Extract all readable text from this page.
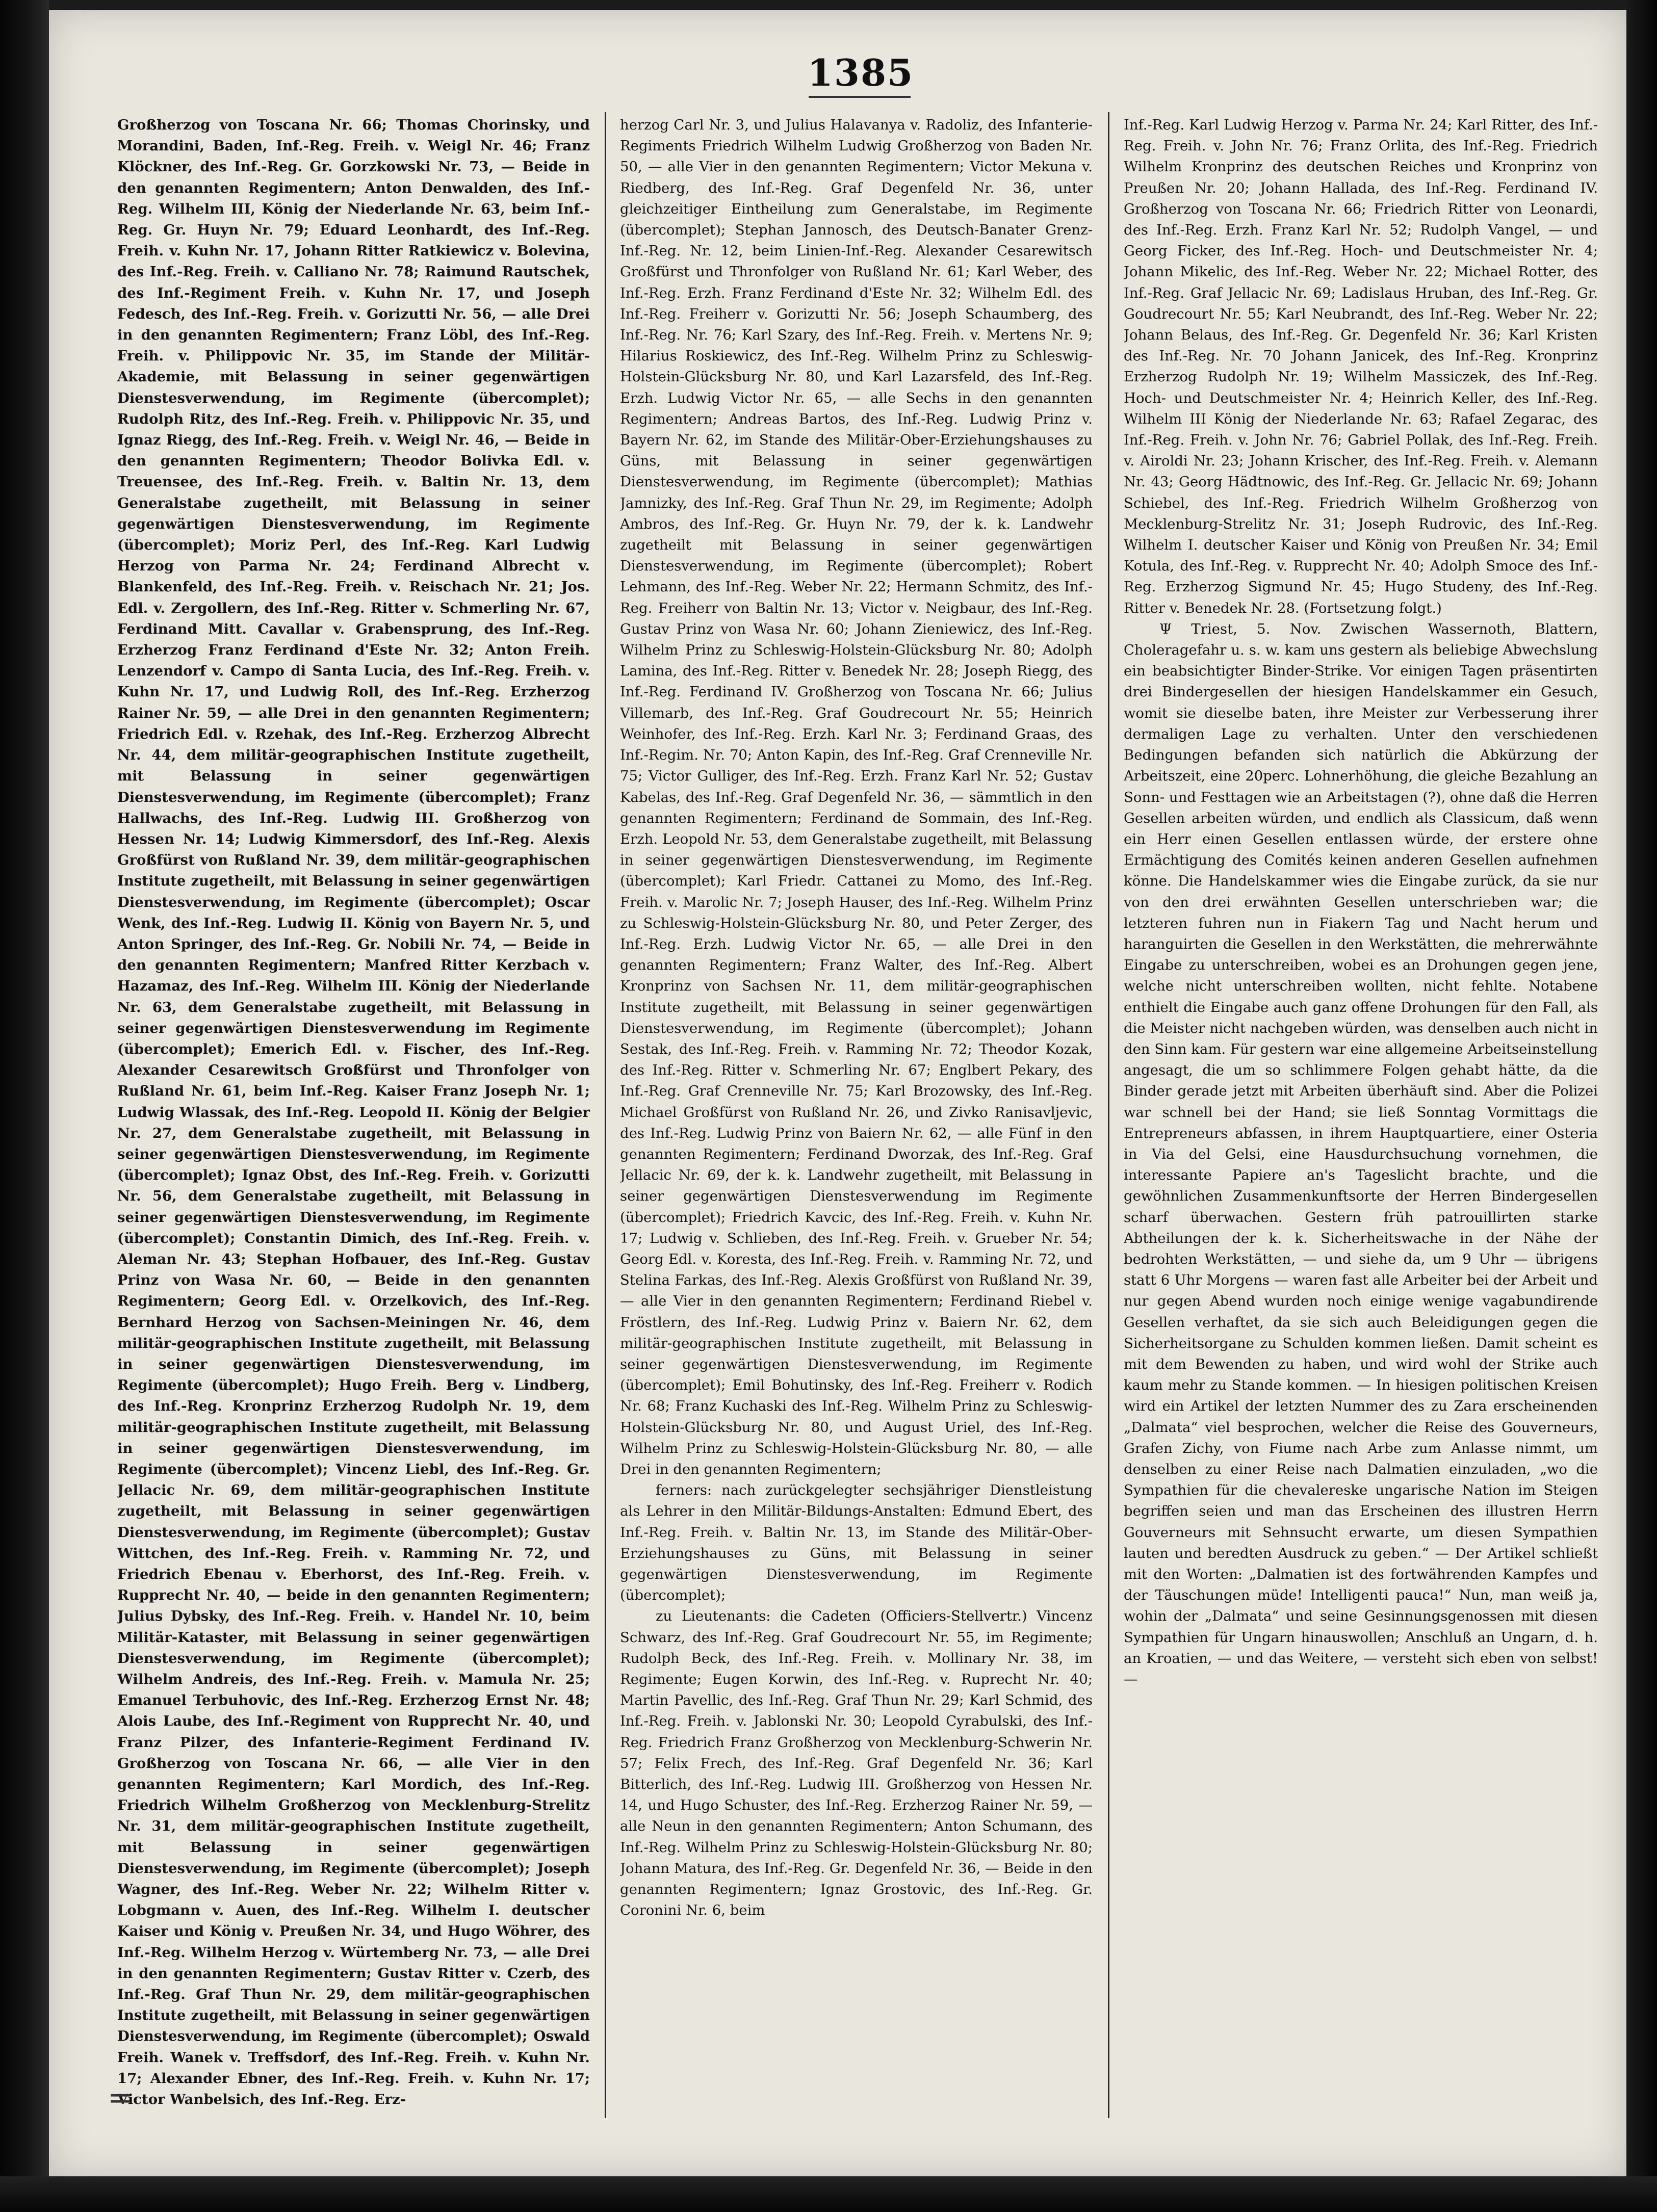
1385

Großherzog von Toscana Nr. 66; Thomas Chorinsky, und Morandini, Baden, Inf.-Reg. Freih. v. Weigl Nr. 46; Franz Klöckner, des Inf.-Reg. Gr. Gorzkowski Nr. 73, — Beide in den genannten Regimentern; Anton Denwalden, des Inf.-Reg. Wilhelm III, König der Niederlande Nr. 63, beim Inf.-Reg. Gr. Huyn Nr. 79; Eduard Leonhardt, des Inf.-Reg. Freih. v. Kuhn Nr. 17, Johann Ritter Ratkiewicz v. Bolevina, des Inf.-Reg. Freih. v. Calliano Nr. 78; Raimund Rautschek, des Inf.-Regiment Freih. v. Kuhn Nr. 17, und Joseph Fedesch, des Inf.-Reg. Freih. v. Gorizutti Nr. 56, — alle Drei in den genannten Regimentern; Franz Löbl, des Inf.-Reg. Freih. v. Philippovic Nr. 35, im Stande der Militär-Akademie, mit Belassung in seiner gegenwärtigen Dienstesverwendung, im Regimente (übercomplet); Rudolph Ritz, des Inf.-Reg. Freih. v. Philippovic Nr. 35, und Ignaz Riegg, des Inf.-Reg. Freih. v. Weigl Nr. 46, — Beide in den genannten Regimentern; Theodor Bolivka Edl. v. Treuensee, des Inf.-Reg. Freih. v. Baltin Nr. 13, dem Generalstabe zugetheilt, mit Belassung in seiner gegenwärtigen Dienstesverwendung, im Regimente (übercomplet); Moriz Perl, des Inf.-Reg. Karl Ludwig Herzog von Parma Nr. 24; Ferdinand Albrecht v. Blankenfeld, des Inf.-Reg. Freih. v. Reischach Nr. 21; Jos. Edl. v. Zergollern, des Inf.-Reg. Ritter v. Schmerling Nr. 67, Ferdinand Mitt. Cavallar v. Grabensprung, des Inf.-Reg. Erzherzog Franz Ferdinand d'Este Nr. 32; Anton Freih. Lenzendorf v. Campo di Santa Lucia, des Inf.-Reg. Freih. v. Kuhn Nr. 17, und Ludwig Roll, des Inf.-Reg. Erzherzog Rainer Nr. 59, — alle Drei in den genannten Regimentern; Friedrich Edl. v. Rzehak, des Inf.-Reg. Erzherzog Albrecht Nr. 44, dem militär-geographischen Institute zugetheilt, mit Belassung in seiner gegenwärtigen Dienstesverwendung, im Regimente (übercomplet); Franz Hallwachs, des Inf.-Reg. Ludwig III. Großherzog von Hessen Nr. 14; Ludwig Kimmersdorf, des Inf.-Reg. Alexis Großfürst von Rußland Nr. 39, dem militär-geographischen Institute zugetheilt, mit Belassung in seiner gegenwärtigen Dienstesverwendung, im Regimente (übercomplet); Oscar Wenk, des Inf.-Reg. Ludwig II. König von Bayern Nr. 5, und Anton Springer, des Inf.-Reg. Gr. Nobili Nr. 74, — Beide in den genannten Regimentern; Manfred Ritter Kerzbach v. Hazamaz, des Inf.-Reg. Wilhelm III. König der Niederlande Nr. 63, dem Generalstabe zugetheilt, mit Belassung in seiner gegenwärtigen Dienstesverwendung im Regimente (übercomplet); Emerich Edl. v. Fischer, des Inf.-Reg. Alexander Cesarewitsch Großfürst und Thronfolger von Rußland Nr. 61, beim Inf.-Reg. Kaiser Franz Joseph Nr. 1; Ludwig Wlassak, des Inf.-Reg. Leopold II. König der Belgier Nr. 27, dem Generalstabe zugetheilt, mit Belassung in seiner gegenwärtigen Dienstesverwendung, im Regimente (übercomplet); Ignaz Obst, des Inf.-Reg. Freih. v. Gorizutti Nr. 56, dem Generalstabe zugetheilt, mit Belassung in seiner gegenwärtigen Dienstesverwendung, im Regimente (übercomplet); Constantin Dimich, des Inf.-Reg. Freih. v. Aleman Nr. 43; Stephan Hofbauer, des Inf.-Reg. Gustav Prinz von Wasa Nr. 60, — Beide in den genannten Regimentern; Georg Edl. v. Orzelkovich, des Inf.-Reg. Bernhard Herzog von Sachsen-Meiningen Nr. 46, dem militär-geographischen Institute zugetheilt, mit Belassung in seiner gegenwärtigen Dienstesverwendung, im Regimente (übercomplet); Hugo Freih. Berg v. Lindberg, des Inf.-Reg. Kronprinz Erzherzog Rudolph Nr. 19, dem militär-geographischen Institute zugetheilt, mit Belassung in seiner gegenwärtigen Dienstesverwendung, im Regimente (übercomplet); Vincenz Liebl, des Inf.-Reg. Gr. Jellacic Nr. 69, dem militär-geographischen Institute zugetheilt, mit Belassung in seiner gegenwärtigen Dienstesverwendung, im Regimente (übercomplet); Gustav Wittchen, des Inf.-Reg. Freih. v. Ramming Nr. 72, und Friedrich Ebenau v. Eberhorst, des Inf.-Reg. Freih. v. Rupprecht Nr. 40, — beide in den genannten Regimentern; Julius Dybsky, des Inf.-Reg. Freih. v. Handel Nr. 10, beim Militär-Kataster, mit Belassung in seiner gegenwärtigen Dienstesverwendung, im Regimente (übercomplet); Wilhelm Andreis, des Inf.-Reg. Freih. v. Mamula Nr. 25; Emanuel Terbuhovic, des Inf.-Reg. Erzherzog Ernst Nr. 48; Alois Laube, des Inf.-Regiment von Rupprecht Nr. 40, und Franz Pilzer, des Infanterie-Regiment Ferdinand IV. Großherzog von Toscana Nr. 66, — alle Vier in den genannten Regimentern; Karl Mordich, des Inf.-Reg. Friedrich Wilhelm Großherzog von Mecklenburg-Strelitz Nr. 31, dem militär-geographischen Institute zugetheilt, mit Belassung in seiner gegenwärtigen Dienstesverwendung, im Regimente (übercomplet); Joseph Wagner, des Inf.-Reg. Weber Nr. 22; Wilhelm Ritter v. Lobgmann v. Auen, des Inf.-Reg. Wilhelm I. deutscher Kaiser und König v. Preußen Nr. 34, und Hugo Wöhrer, des Inf.-Reg. Wilhelm Herzog v. Würtemberg Nr. 73, — alle Drei in den genannten Regimentern; Gustav Ritter v. Czerb, des Inf.-Reg. Graf Thun Nr. 29, dem militär-geographischen Institute zugetheilt, mit Belassung in seiner gegenwärtigen Dienstesverwendung, im Regimente (übercomplet); Oswald Freih. Wanek v. Treffsdorf, des Inf.-Reg. Freih. v. Kuhn Nr. 17; Alexander Ebner, des Inf.-Reg. Freih. v. Kuhn Nr. 17; Victor Wanbelsich, des Inf.-Reg. Erz-

herzog Carl Nr. 3, und Julius Halavanya v. Radoliz, des Infanterie-Regiments Friedrich Wilhelm Ludwig Großherzog von Baden Nr. 50, — alle Vier in den genannten Regimentern; Victor Mekuna v. Riedberg, des Inf.-Reg. Graf Degenfeld Nr. 36, unter gleichzeitiger Eintheilung zum Generalstabe, im Regimente (übercomplet); Stephan Jannosch, des Deutsch-Banater Grenz-Inf.-Reg. Nr. 12, beim Linien-Inf.-Reg. Alexander Cesarewitsch Großfürst und Thronfolger von Rußland Nr. 61; Karl Weber, des Inf.-Reg. Erzh. Franz Ferdinand d'Este Nr. 32; Wilhelm Edl. des Inf.-Reg. Freiherr v. Gorizutti Nr. 56; Joseph Schaumberg, des Inf.-Reg. Nr. 76; Karl Szary, des Inf.-Reg. Freih. v. Mertens Nr. 9; Hilarius Roskiewicz, des Inf.-Reg. Wilhelm Prinz zu Schleswig-Holstein-Glücksburg Nr. 80, und Karl Lazarsfeld, des Inf.-Reg. Erzh. Ludwig Victor Nr. 65, — alle Sechs in den genannten Regimentern; Andreas Bartos, des Inf.-Reg. Ludwig Prinz v. Bayern Nr. 62, im Stande des Militär-Ober-Erziehungshauses zu Güns, mit Belassung in seiner gegenwärtigen Dienstesverwendung, im Regimente (übercomplet); Mathias Jamnizky, des Inf.-Reg. Graf Thun Nr. 29, im Regimente; Adolph Ambros, des Inf.-Reg. Gr. Huyn Nr. 79, der k. k. Landwehr zugetheilt mit Belassung in seiner gegenwärtigen Dienstesverwendung, im Regimente (übercomplet); Robert Lehmann, des Inf.-Reg. Weber Nr. 22; Hermann Schmitz, des Inf.-Reg. Freiherr von Baltin Nr. 13; Victor v. Neigbaur, des Inf.-Reg. Gustav Prinz von Wasa Nr. 60; Johann Zieniewicz, des Inf.-Reg. Wilhelm Prinz zu Schleswig-Holstein-Glücksburg Nr. 80; Adolph Lamina, des Inf.-Reg. Ritter v. Benedek Nr. 28; Joseph Riegg, des Inf.-Reg. Ferdinand IV. Großherzog von Toscana Nr. 66; Julius Villemarb, des Inf.-Reg. Graf Goudrecourt Nr. 55; Heinrich Weinhofer, des Inf.-Reg. Erzh. Karl Nr. 3; Ferdinand Graas, des Inf.-Regim. Nr. 70; Anton Kapin, des Inf.-Reg. Graf Crenneville Nr. 75; Victor Gulliger, des Inf.-Reg. Erzh. Franz Karl Nr. 52; Gustav Kabelas, des Inf.-Reg. Graf Degenfeld Nr. 36, — sämmtlich in den genannten Regimentern; Ferdinand de Sommain, des Inf.-Reg. Erzh. Leopold Nr. 53, dem Generalstabe zugetheilt, mit Belassung in seiner gegenwärtigen Dienstesverwendung, im Regimente (übercomplet); Karl Friedr. Cattanei zu Momo, des Inf.-Reg. Freih. v. Marolic Nr. 7; Joseph Hauser, des Inf.-Reg. Wilhelm Prinz zu Schleswig-Holstein-Glücksburg Nr. 80, und Peter Zerger, des Inf.-Reg. Erzh. Ludwig Victor Nr. 65, — alle Drei in den genannten Regimentern; Franz Walter, des Inf.-Reg. Albert Kronprinz von Sachsen Nr. 11, dem militär-geographischen Institute zugetheilt, mit Belassung in seiner gegenwärtigen Dienstesverwendung, im Regimente (übercomplet); Johann Sestak, des Inf.-Reg. Freih. v. Ramming Nr. 72; Theodor Kozak, des Inf.-Reg. Ritter v. Schmerling Nr. 67; Englbert Pekary, des Inf.-Reg. Graf Crenneville Nr. 75; Karl Brozowsky, des Inf.-Reg. Michael Großfürst von Rußland Nr. 26, und Zivko Ranisavljevic, des Inf.-Reg. Ludwig Prinz von Baiern Nr. 62, — alle Fünf in den genannten Regimentern; Ferdinand Dworzak, des Inf.-Reg. Graf Jellacic Nr. 69, der k. k. Landwehr zugetheilt, mit Belassung in seiner gegenwärtigen Dienstesverwendung im Regimente (übercomplet); Friedrich Kavcic, des Inf.-Reg. Freih. v. Kuhn Nr. 17; Ludwig v. Schlieben, des Inf.-Reg. Freih. v. Grueber Nr. 54; Georg Edl. v. Koresta, des Inf.-Reg. Freih. v. Ramming Nr. 72, und Stelina Farkas, des Inf.-Reg. Alexis Großfürst von Rußland Nr. 39, — alle Vier in den genannten Regimentern; Ferdinand Riebel v. Fröstlern, des Inf.-Reg. Ludwig Prinz v. Baiern Nr. 62, dem militär-geographischen Institute zugetheilt, mit Belassung in seiner gegenwärtigen Dienstesverwendung, im Regimente (übercomplet); Emil Bohutinsky, des Inf.-Reg. Freiherr v. Rodich Nr. 68; Franz Kuchaski des Inf.-Reg. Wilhelm Prinz zu Schleswig-Holstein-Glücksburg Nr. 80, und August Uriel, des Inf.-Reg. Wilhelm Prinz zu Schleswig-Holstein-Glücksburg Nr. 80, — alle Drei in den genannten Regimentern;

ferners: nach zurückgelegter sechsjähriger Dienstleistung als Lehrer in den Militär-Bildungs-Anstalten: Edmund Ebert, des Inf.-Reg. Freih. v. Baltin Nr. 13, im Stande des Militär-Ober-Erziehungshauses zu Güns, mit Belassung in seiner gegenwärtigen Dienstesverwendung, im Regimente (übercomplet);

zu Lieutenants: die Cadeten (Officiers-Stellvertr.) Vincenz Schwarz, des Inf.-Reg. Graf Goudrecourt Nr. 55, im Regimente; Rudolph Beck, des Inf.-Reg. Freih. v. Mollinary Nr. 38, im Regimente; Eugen Korwin, des Inf.-Reg. v. Ruprecht Nr. 40; Martin Pavellic, des Inf.-Reg. Graf Thun Nr. 29; Karl Schmid, des Inf.-Reg. Freih. v. Jablonski Nr. 30; Leopold Cyrabulski, des Inf.-Reg. Friedrich Franz Großherzog von Mecklenburg-Schwerin Nr. 57; Felix Frech, des Inf.-Reg. Graf Degenfeld Nr. 36; Karl Bitterlich, des Inf.-Reg. Ludwig III. Großherzog von Hessen Nr. 14, und Hugo Schuster, des Inf.-Reg. Erzherzog Rainer Nr. 59, — alle Neun in den genannten Regimentern; Anton Schumann, des Inf.-Reg. Wilhelm Prinz zu Schleswig-Holstein-Glücksburg Nr. 80; Johann Matura, des Inf.-Reg. Gr. Degenfeld Nr. 36, — Beide in den genannten Regimentern; Ignaz Grostovic, des Inf.-Reg. Gr. Coronini Nr. 6, beim

Inf.-Reg. Karl Ludwig Herzog v. Parma Nr. 24; Karl Ritter, des Inf.-Reg. Freih. v. John Nr. 76; Franz Orlita, des Inf.-Reg. Friedrich Wilhelm Kronprinz des deutschen Reiches und Kronprinz von Preußen Nr. 20; Johann Hallada, des Inf.-Reg. Ferdinand IV. Großherzog von Toscana Nr. 66; Friedrich Ritter von Leonardi, des Inf.-Reg. Erzh. Franz Karl Nr. 52; Rudolph Vangel, — und Georg Ficker, des Inf.-Reg. Hoch- und Deutschmeister Nr. 4; Johann Mikelic, des Inf.-Reg. Weber Nr. 22; Michael Rotter, des Inf.-Reg. Graf Jellacic Nr. 69; Ladislaus Hruban, des Inf.-Reg. Gr. Goudrecourt Nr. 55; Karl Neubrandt, des Inf.-Reg. Weber Nr. 22; Johann Belaus, des Inf.-Reg. Gr. Degenfeld Nr. 36; Karl Kristen des Inf.-Reg. Nr. 70 Johann Janicek, des Inf.-Reg. Kronprinz Erzherzog Rudolph Nr. 19; Wilhelm Massiczek, des Inf.-Reg. Hoch- und Deutschmeister Nr. 4; Heinrich Keller, des Inf.-Reg. Wilhelm III König der Niederlande Nr. 63; Rafael Zegarac, des Inf.-Reg. Freih. v. John Nr. 76; Gabriel Pollak, des Inf.-Reg. Freih. v. Airoldi Nr. 23; Johann Krischer, des Inf.-Reg. Freih. v. Alemann Nr. 43; Georg Hädtnowic, des Inf.-Reg. Gr. Jellacic Nr. 69; Johann Schiebel, des Inf.-Reg. Friedrich Wilhelm Großherzog von Mecklenburg-Strelitz Nr. 31; Joseph Rudrovic, des Inf.-Reg. Wilhelm I. deutscher Kaiser und König von Preußen Nr. 34; Emil Kotula, des Inf.-Reg. v. Rupprecht Nr. 40; Adolph Smoce des Inf.-Reg. Erzherzog Sigmund Nr. 45; Hugo Studeny, des Inf.-Reg. Ritter v. Benedek Nr. 28. (Fortsetzung folgt.)

Ψ Triest, 5. Nov. Zwischen Wassernoth, Blattern, Choleragefahr u. s. w. kam uns gestern als beliebige Abwechslung ein beabsichtigter Binder-Strike. Vor einigen Tagen präsentirten drei Bindergesellen der hiesigen Handelskammer ein Gesuch, womit sie dieselbe baten, ihre Meister zur Verbesserung ihrer dermaligen Lage zu verhalten. Unter den verschiedenen Bedingungen befanden sich natürlich die Abkürzung der Arbeitszeit, eine 20perc. Lohnerhöhung, die gleiche Bezahlung an Sonn- und Festtagen wie an Arbeitstagen (?), ohne daß die Herren Gesellen arbeiten würden, und endlich als Classicum, daß wenn ein Herr einen Gesellen entlassen würde, der erstere ohne Ermächtigung des Comités keinen anderen Gesellen aufnehmen könne. Die Handelskammer wies die Eingabe zurück, da sie nur von den drei erwähnten Gesellen unterschrieben war; die letzteren fuhren nun in Fiakern Tag und Nacht herum und haranguirten die Gesellen in den Werkstätten, die mehrerwähnte Eingabe zu unterschreiben, wobei es an Drohungen gegen jene, welche nicht unterschreiben wollten, nicht fehlte. Notabene enthielt die Eingabe auch ganz offene Drohungen für den Fall, als die Meister nicht nachgeben würden, was denselben auch nicht in den Sinn kam. Für gestern war eine allgemeine Arbeitseinstellung angesagt, die um so schlimmere Folgen gehabt hätte, da die Binder gerade jetzt mit Arbeiten überhäuft sind. Aber die Polizei war schnell bei der Hand; sie ließ Sonntag Vormittags die Entrepreneurs abfassen, in ihrem Hauptquartiere, einer Osteria in Via del Gelsi, eine Hausdurchsuchung vornehmen, die interessante Papiere an's Tageslicht brachte, und die gewöhnlichen Zusammenkunftsorte der Herren Bindergesellen scharf überwachen. Gestern früh patrouillirten starke Abtheilungen der k. k. Sicherheitswache in der Nähe der bedrohten Werkstätten, — und siehe da, um 9 Uhr — übrigens statt 6 Uhr Morgens — waren fast alle Arbeiter bei der Arbeit und nur gegen Abend wurden noch einige wenige vagabundirende Gesellen verhaftet, da sie sich auch Beleidigungen gegen die Sicherheitsorgane zu Schulden kommen ließen. Damit scheint es mit dem Bewenden zu haben, und wird wohl der Strike auch kaum mehr zu Stande kommen. — In hiesigen politischen Kreisen wird ein Artikel der letzten Nummer des zu Zara erscheinenden „Dalmata“ viel besprochen, welcher die Reise des Gouverneurs, Grafen Zichy, von Fiume nach Arbe zum Anlasse nimmt, um denselben zu einer Reise nach Dalmatien einzuladen, „wo die Sympathien für die chevalereske ungarische Nation im Steigen begriffen seien und man das Erscheinen des illustren Herrn Gouverneurs mit Sehnsucht erwarte, um diesen Sympathien lauten und beredten Ausdruck zu geben.“ — Der Artikel schließt mit den Worten: „Dalmatien ist des fortwährenden Kampfes und der Täuschungen müde! Intelligenti pauca!“ Nun, man weiß ja, wohin der „Dalmata“ und seine Gesinnungsgenossen mit diesen Sympathien für Ungarn hinauswollen; Anschluß an Ungarn, d. h. an Kroatien, — und das Weitere, — versteht sich eben von selbst! —

=
